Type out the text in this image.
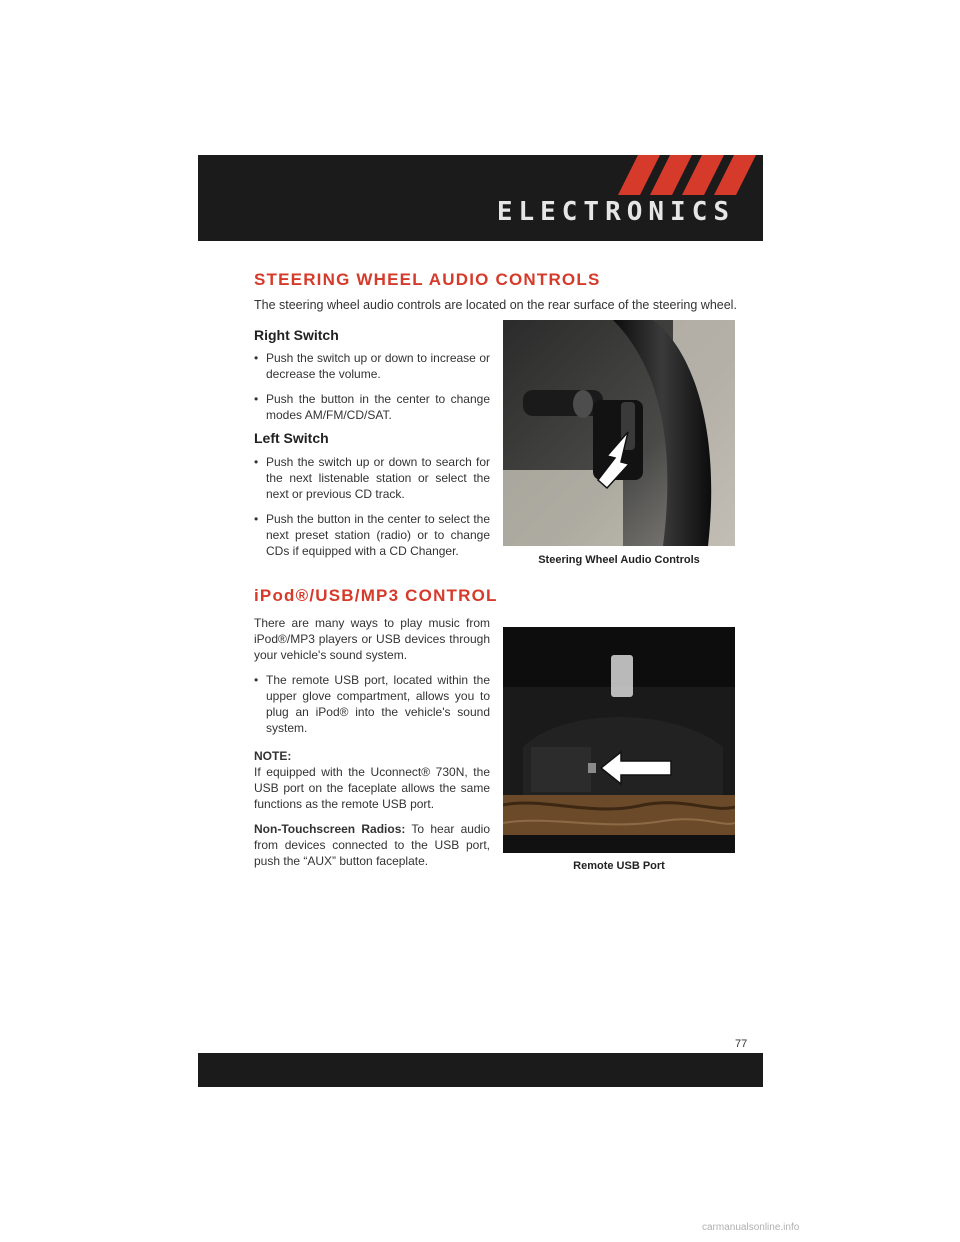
ELECTRONICS
STEERING WHEEL AUDIO CONTROLS
The steering wheel audio controls are located on the rear surface of the steering wheel.
Right Switch
• Push the switch up or down to increase or decrease the volume.
• Push the button in the center to change modes AM/FM/CD/SAT.
Left Switch
• Push the switch up or down to search for the next listenable station or select the next or previous CD track.
• Push the button in the center to select the next preset station (radio) or to change CDs if equipped with a CD Changer.
Steering Wheel Audio Controls
iPod®/USB/MP3 CONTROL

There are many ways to play music from iPod®/MP3 players or USB devices through your vehicle's sound system.

• The remote USB port, located within the upper glove compartment, allows you to plug an iPod® into the vehicle's sound system.

NOTE:

If equipped with the Uconnect® 730N, the USB port on the faceplate allows the same functions as the remote USB port.

Non-Touchscreen Radios: To hear audio from devices connected to the USB port, push the “AUX” button faceplate.	Remote USB Port
77
carmanualsonline.info
